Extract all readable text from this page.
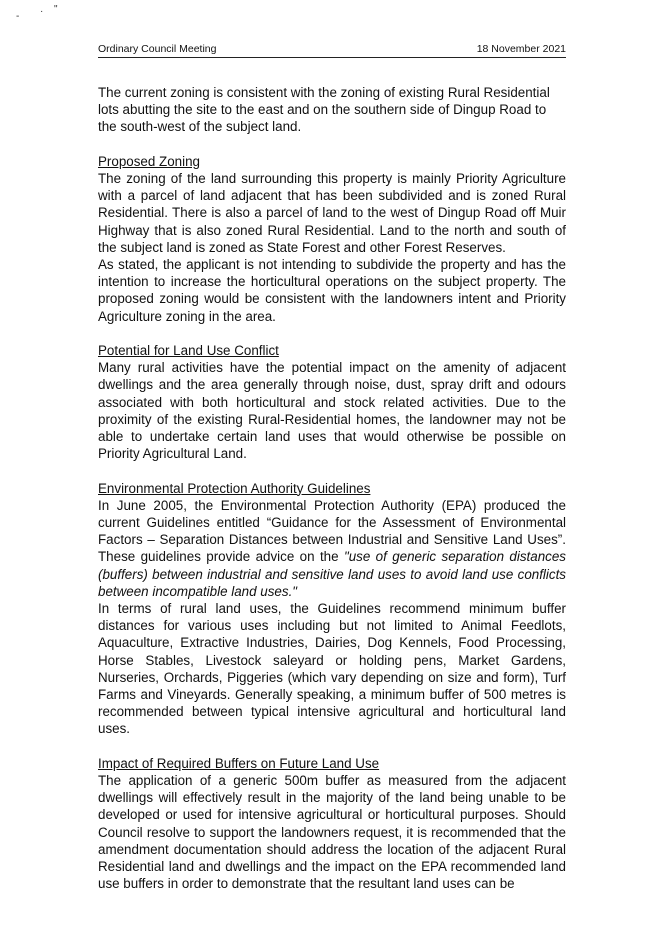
- · "
Ordinary Council Meeting	18 November 2021

The current zoning is consistent with the zoning of existing Rural Residential lots abutting the site to the east and on the southern side of Dingup Road to the south-west of the subject land.

Proposed Zoning

The zoning of the land surrounding this property is mainly Priority Agriculture with a parcel of land adjacent that has been subdivided and is zoned Rural Residential. There is also a parcel of land to the west of Dingup Road off Muir Highway that is also zoned Rural Residential. Land to the north and south of the subject land is zoned as State Forest and other Forest Reserves.

As stated, the applicant is not intending to subdivide the property and has the intention to increase the horticultural operations on the subject property. The proposed zoning would be consistent with the landowners intent and Priority Agriculture zoning in the area.

Potential for Land Use Conflict

Many rural activities have the potential impact on the amenity of adjacent dwellings and the area generally through noise, dust, spray drift and odours associated with both horticultural and stock related activities. Due to the proximity of the existing Rural-Residential homes, the landowner may not be able to undertake certain land uses that would otherwise be possible on Priority Agricultural Land.

Environmental Protection Authority Guidelines

In June 2005, the Environmental Protection Authority (EPA) produced the current Guidelines entitled “Guidance for the Assessment of Environmental Factors – Separation Distances between Industrial and Sensitive Land Uses”. These guidelines provide advice on the "use of generic separation distances (buffers) between industrial and sensitive land uses to avoid land use conflicts between incompatible land uses."

In terms of rural land uses, the Guidelines recommend minimum buffer distances for various uses including but not limited to Animal Feedlots, Aquaculture, Extractive Industries, Dairies, Dog Kennels, Food Processing, Horse Stables, Livestock saleyard or holding pens, Market Gardens, Nurseries, Orchards, Piggeries (which vary depending on size and form), Turf Farms and Vineyards. Generally speaking, a minimum buffer of 500 metres is recommended between typical intensive agricultural and horticultural land uses.

Impact of Required Buffers on Future Land Use

The application of a generic 500m buffer as measured from the adjacent dwellings will effectively result in the majority of the land being unable to be developed or used for intensive agricultural or horticultural purposes. Should Council resolve to support the landowners request, it is recommended that the amendment documentation should address the location of the adjacent Rural Residential land and dwellings and the impact on the EPA recommended land use buffers in order to demonstrate that the resultant land uses can be
